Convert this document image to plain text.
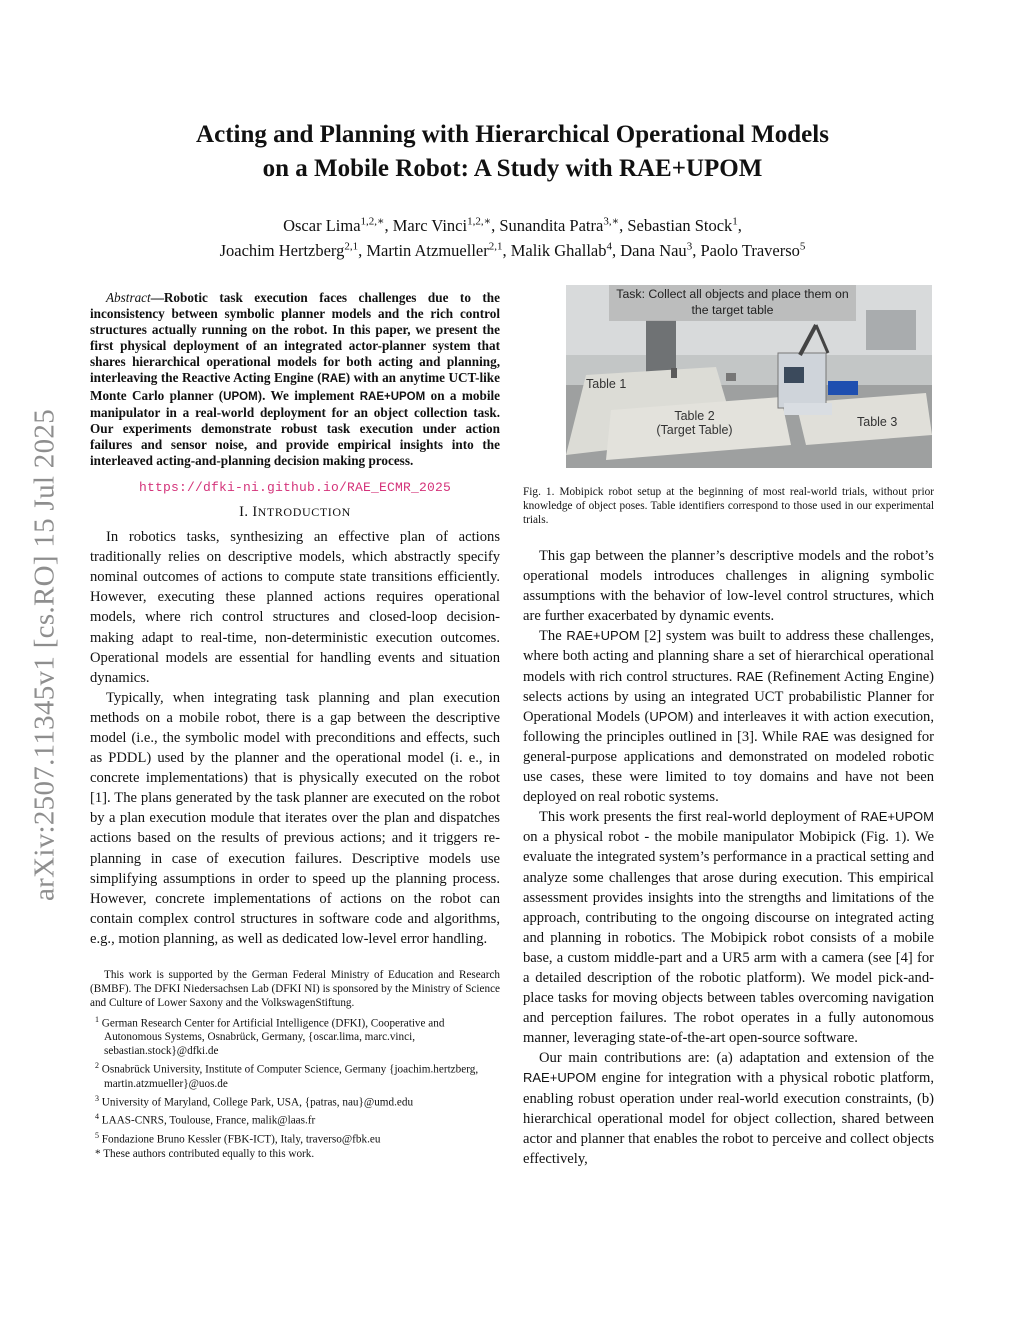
arXiv:2507.11345v1 [cs.RO] 15 Jul 2025
Acting and Planning with Hierarchical Operational Models
on a Mobile Robot: A Study with RAE+UPOM
Oscar Lima$^{1,2,∗}$, Marc Vinci$^{1,2,∗}$, Sunandita Patra$^{3,∗}$, Sebastian Stock$^1$,
Joachim Hertzberg$^{2,1}$, Martin Atzmueller$^{2,1}$, Malik Ghallab$^4$, Dana Nau$^3$, Paolo Traverso$^5$

Abstract—Robotic task execution faces challenges due to the inconsistency between symbolic planner models and the rich control structures actually running on the robot. In this paper, we present the first physical deployment of an integrated actor-planner system that shares hierarchical operational models for both acting and planning, interleaving the Reactive Acting Engine (RAE) with an anytime UCT-like Monte Carlo planner (UPOM). We implement RAE+UPOM on a mobile manipulator in a real-world deployment for an object collection task. Our experiments demonstrate robust task execution under action failures and sensor noise, and provide empirical insights into the interleaved acting-and-planning decision making process.

https://dfki-ni.github.io/RAE_ECMR_2025

I. INTRODUCTION

In robotics tasks, synthesizing an effective plan of actions traditionally relies on descriptive models, which abstractly specify nominal outcomes of actions to compute state transitions efficiently. However, executing these planned actions requires operational models, where rich control structures and closed-loop decision-making adapt to real-time, non-deterministic execution outcomes. Operational models are essential for handling events and situation dynamics.

Typically, when integrating task planning and plan execution methods on a mobile robot, there is a gap between the descriptive model (i.e., the symbolic model with preconditions and effects, such as PDDL) used by the planner and the operational model (i. e., in concrete implementations) that is physically executed on the robot [1]. The plans generated by the task planner are executed on the robot by a plan execution module that iterates over the plan and dispatches actions based on the results of previous actions; and it triggers re-planning in case of execution failures. Descriptive models use simplifying assumptions in order to speed up the planning process. However, concrete implementations of actions on the robot can contain complex control structures in software code and algorithms, e.g., motion planning, as well as dedicated low-level error handling.

This work is supported by the German Federal Ministry of Education and Research (BMBF). The DFKI Niedersachsen Lab (DFKI NI) is sponsored by the Ministry of Science and Culture of Lower Saxony and the VolkswagenStiftung.

$^1$ German Research Center for Artificial Intelligence (DFKI), Cooperative and Autonomous Systems, Osnabrück, Germany, {oscar.lima, marc.vinci, sebastian.stock}@dfki.de

$^2$ Osnabrück University, Institute of Computer Science, Germany {joachim.hertzberg, martin.atzmueller}@uos.de

$^3$ University of Maryland, College Park, USA, {patras, nau}@umd.edu

$^4$ LAAS-CNRS, Toulouse, France, malik@laas.fr

$^5$ Fondazione Bruno Kessler (FBK-ICT), Italy, traverso@fbk.eu

* These authors contributed equally to this work.

Task: Collect all objects and place them on the target table
Table 1
Table 2
(Target Table)
Table 3

Fig. 1. Mobipick robot setup at the beginning of most real-world trials, without prior knowledge of object poses. Table identifiers correspond to those used in our experimental trials.

This gap between the planner’s descriptive models and the robot’s operational models introduces challenges in aligning symbolic assumptions with the behavior of low-level control structures, which are further exacerbated by dynamic events.

The RAE+UPOM [2] system was built to address these challenges, where both acting and planning share a set of hierarchical operational models with rich control structures. RAE (Refinement Acting Engine) selects actions by using an integrated UCT probabilistic Planner for Operational Models (UPOM) and interleaves it with action execution, following the principles outlined in [3]. While RAE was designed for general-purpose applications and demonstrated on modeled robotic use cases, these were limited to toy domains and have not been deployed on real robotic systems.

This work presents the first real-world deployment of RAE+UPOM on a physical robot - the mobile manipulator Mobipick (Fig. 1). We evaluate the integrated system’s performance in a practical setting and analyze some challenges that arose during execution. This empirical assessment provides insights into the strengths and limitations of the approach, contributing to the ongoing discourse on integrated acting and planning in robotics. The Mobipick robot consists of a mobile base, a custom middle-part and a UR5 arm with a camera (see [4] for a detailed description of the robotic platform). We model pick-and-place tasks for moving objects between tables overcoming navigation and perception failures. The robot operates in a fully autonomous manner, leveraging state-of-the-art open-source software.

Our main contributions are: (a) adaptation and extension of the RAE+UPOM engine for integration with a physical robotic platform, enabling robust operation under real-world execution constraints, (b) hierarchical operational model for object collection, shared between actor and planner that enables the robot to perceive and collect objects effectively,
